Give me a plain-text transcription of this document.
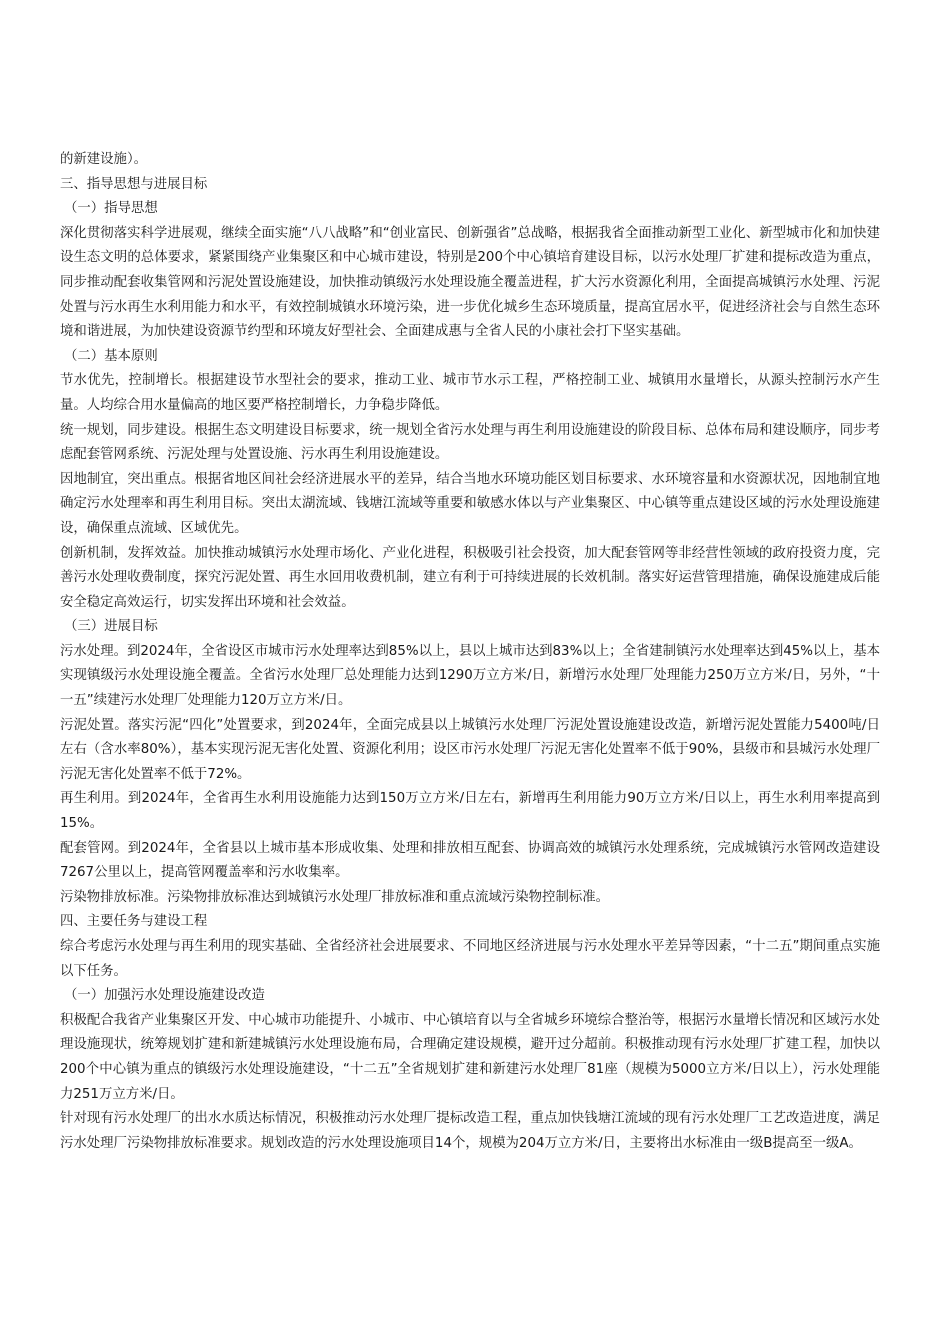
的新建设施）。

三、指导思想与进展目标

（一）指导思想

深化贯彻落实科学进展观，继续全面实施“八八战略”和“创业富民、创新强省”总战略，根据我省全面推动新型工业化、新型城市化和加快建设生态文明的总体要求，紧紧围绕产业集聚区和中心城市建设，特别是200个中心镇培育建设目标，以污水处理厂扩建和提标改造为重点，同步推动配套收集管网和污泥处置设施建设，加快推动镇级污水处理设施全覆盖进程，扩大污水资源化利用，全面提高城镇污水处理、污泥处置与污水再生水利用能力和水平，有效控制城镇水环境污染，进一步优化城乡生态环境质量，提高宜居水平，促进经济社会与自然生态环境和谐进展，为加快建设资源节约型和环境友好型社会、全面建成惠与全省人民的小康社会打下坚实基础。

（二）基本原则

节水优先，控制增长。根据建设节水型社会的要求，推动工业、城市节水示工程，严格控制工业、城镇用水量增长，从源头控制污水产生量。人均综合用水量偏高的地区要严格控制增长，力争稳步降低。

统一规划，同步建设。根据生态文明建设目标要求，统一规划全省污水处理与再生利用设施建设的阶段目标、总体布局和建设顺序，同步考虑配套管网系统、污泥处理与处置设施、污水再生利用设施建设。

因地制宜，突出重点。根据省地区间社会经济进展水平的差异，结合当地水环境功能区划目标要求、水环境容量和水资源状况，因地制宜地确定污水处理率和再生利用目标。突出太湖流域、钱塘江流域等重要和敏感水体以与产业集聚区、中心镇等重点建设区域的污水处理设施建设，确保重点流域、区域优先。

创新机制，发挥效益。加快推动城镇污水处理市场化、产业化进程，积极吸引社会投资，加大配套管网等非经营性领域的政府投资力度，完善污水处理收费制度，探究污泥处置、再生水回用收费机制，建立有利于可持续进展的长效机制。落实好运营管理措施，确保设施建成后能安全稳定高效运行，切实发挥出环境和社会效益。

（三）进展目标

污水处理。到2024年，全省设区市城市污水处理率达到85%以上，县以上城市达到83%以上；全省建制镇污水处理率达到45%以上，基本实现镇级污水处理设施全覆盖。全省污水处理厂总处理能力达到1290万立方米/日，新增污水处理厂处理能力250万立方米/日，另外，“十一五”续建污水处理厂处理能力120万立方米/日。

污泥处置。落实污泥“四化”处置要求，到2024年，全面完成县以上城镇污水处理厂污泥处置设施建设改造，新增污泥处置能力5400吨/日左右（含水率80%），基本实现污泥无害化处置、资源化利用；设区市污水处理厂污泥无害化处置率不低于90%，县级市和县城污水处理厂污泥无害化处置率不低于72%。

再生利用。到2024年，全省再生水利用设施能力达到150万立方米/日左右，新增再生利用能力90万立方米/日以上，再生水利用率提高到15%。

配套管网。到2024年，全省县以上城市基本形成收集、处理和排放相互配套、协调高效的城镇污水处理系统，完成城镇污水管网改造建设7267公里以上，提高管网覆盖率和污水收集率。

污染物排放标准。污染物排放标准达到城镇污水处理厂排放标准和重点流域污染物控制标准。

四、主要任务与建设工程

综合考虑污水处理与再生利用的现实基础、全省经济社会进展要求、不同地区经济进展与污水处理水平差异等因素，“十二五”期间重点实施以下任务。

（一）加强污水处理设施建设改造

积极配合我省产业集聚区开发、中心城市功能提升、小城市、中心镇培育以与全省城乡环境综合整治等，根据污水量增长情况和区域污水处理设施现状，统筹规划扩建和新建城镇污水处理设施布局，合理确定建设规模，避开过分超前。积极推动现有污水处理厂扩建工程，加快以200个中心镇为重点的镇级污水处理设施建设，“十二五”全省规划扩建和新建污水处理厂81座（规模为5000立方米/日以上），污水处理能力251万立方米/日。

针对现有污水处理厂的出水水质达标情况，积极推动污水处理厂提标改造工程，重点加快钱塘江流域的现有污水处理厂工艺改造进度，满足污水处理厂污染物排放标准要求。规划改造的污水处理设施项目14个，规模为204万立方米/日，主要将出水标准由一级B提高至一级A。
